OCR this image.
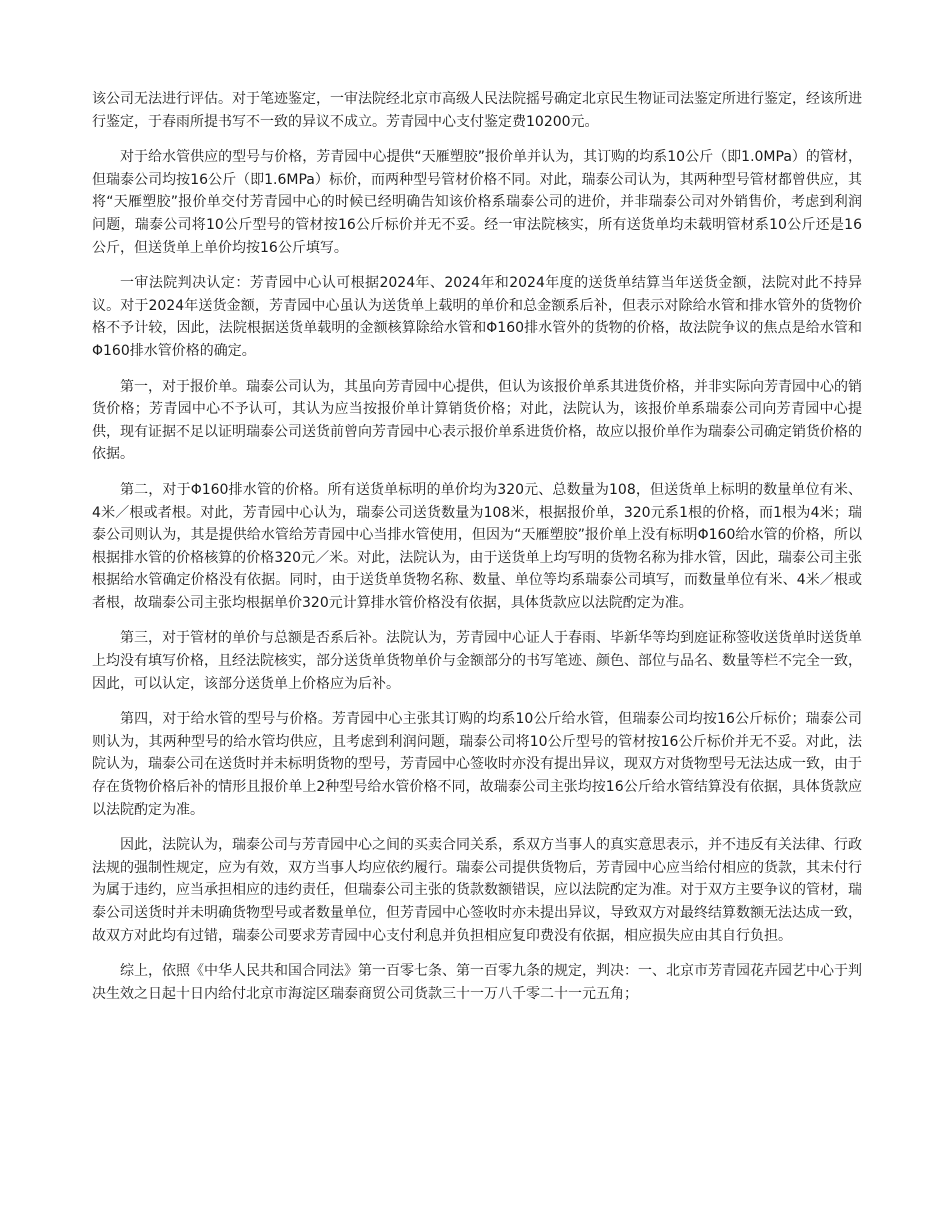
该公司无法进行评估。对于笔迹鉴定，一审法院经北京市高级人民法院摇号确定北京民生物证司法鉴定所进行鉴定，经该所进行鉴定，于春雨所提书写不一致的异议不成立。芳青园中心支付鉴定费10200元。

对于给水管供应的型号与价格，芳青园中心提供“天雁塑胶”报价单并认为，其订购的均系10公斤（即1.0MPa）的管材，但瑞泰公司均按16公斤（即1.6MPa）标价，而两种型号管材价格不同。对此，瑞泰公司认为，其两种型号管材都曾供应，其将“天雁塑胶”报价单交付芳青园中心的时候已经明确告知该价格系瑞泰公司的进价，并非瑞泰公司对外销售价，考虑到利润问题，瑞泰公司将10公斤型号的管材按16公斤标价并无不妥。经一审法院核实，所有送货单均未载明管材系10公斤还是16公斤，但送货单上单价均按16公斤填写。

一审法院判决认定：芳青园中心认可根据2024年、2024年和2024年度的送货单结算当年送货金额，法院对此不持异议。对于2024年送货金额，芳青园中心虽认为送货单上载明的单价和总金额系后补，但表示对除给水管和排水管外的货物价格不予计较，因此，法院根据送货单载明的金额核算除给水管和Φ160排水管外的货物的价格，故法院争议的焦点是给水管和Φ160排水管价格的确定。

第一，对于报价单。瑞泰公司认为，其虽向芳青园中心提供，但认为该报价单系其进货价格，并非实际向芳青园中心的销货价格；芳青园中心不予认可，其认为应当按报价单计算销货价格；对此，法院认为，该报价单系瑞泰公司向芳青园中心提供，现有证据不足以证明瑞泰公司送货前曾向芳青园中心表示报价单系进货价格，故应以报价单作为瑞泰公司确定销货价格的依据。

第二，对于Φ160排水管的价格。所有送货单标明的单价均为320元、总数量为108，但送货单上标明的数量单位有米、4米／根或者根。对此，芳青园中心认为，瑞泰公司送货数量为108米，根据报价单，320元系1根的价格，而1根为4米；瑞泰公司则认为，其是提供给水管给芳青园中心当排水管使用，但因为“天雁塑胶”报价单上没有标明Φ160给水管的价格，所以根据排水管的价格核算的价格320元／米。对此，法院认为，由于送货单上均写明的货物名称为排水管，因此，瑞泰公司主张根据给水管确定价格没有依据。同时，由于送货单货物名称、数量、单位等均系瑞泰公司填写，而数量单位有米、4米／根或者根，故瑞泰公司主张均根据单价320元计算排水管价格没有依据，具体货款应以法院酌定为准。

第三，对于管材的单价与总额是否系后补。法院认为，芳青园中心证人于春雨、毕新华等均到庭证称签收送货单时送货单上均没有填写价格，且经法院核实，部分送货单货物单价与金额部分的书写笔迹、颜色、部位与品名、数量等栏不完全一致，因此，可以认定，该部分送货单上价格应为后补。

第四，对于给水管的型号与价格。芳青园中心主张其订购的均系10公斤给水管，但瑞泰公司均按16公斤标价；瑞泰公司则认为，其两种型号的给水管均供应，且考虑到利润问题，瑞泰公司将10公斤型号的管材按16公斤标价并无不妥。对此，法院认为，瑞泰公司在送货时并未标明货物的型号，芳青园中心签收时亦没有提出异议，现双方对货物型号无法达成一致，由于存在货物价格后补的情形且报价单上2种型号给水管价格不同，故瑞泰公司主张均按16公斤给水管结算没有依据，具体货款应以法院酌定为准。

因此，法院认为，瑞泰公司与芳青园中心之间的买卖合同关系，系双方当事人的真实意思表示，并不违反有关法律、行政法规的强制性规定，应为有效，双方当事人均应依约履行。瑞泰公司提供货物后，芳青园中心应当给付相应的货款，其未付行为属于违约，应当承担相应的违约责任，但瑞泰公司主张的货款数额错误，应以法院酌定为准。对于双方主要争议的管材，瑞泰公司送货时并未明确货物型号或者数量单位，但芳青园中心签收时亦未提出异议，导致双方对最终结算数额无法达成一致，故双方对此均有过错，瑞泰公司要求芳青园中心支付利息并负担相应复印费没有依据，相应损失应由其自行负担。

综上，依照《中华人民共和国合同法》第一百零七条、第一百零九条的规定，判决：一、北京市芳青园花卉园艺中心于判决生效之日起十日内给付北京市海淀区瑞泰商贸公司货款三十一万八千零二十一元五角；
